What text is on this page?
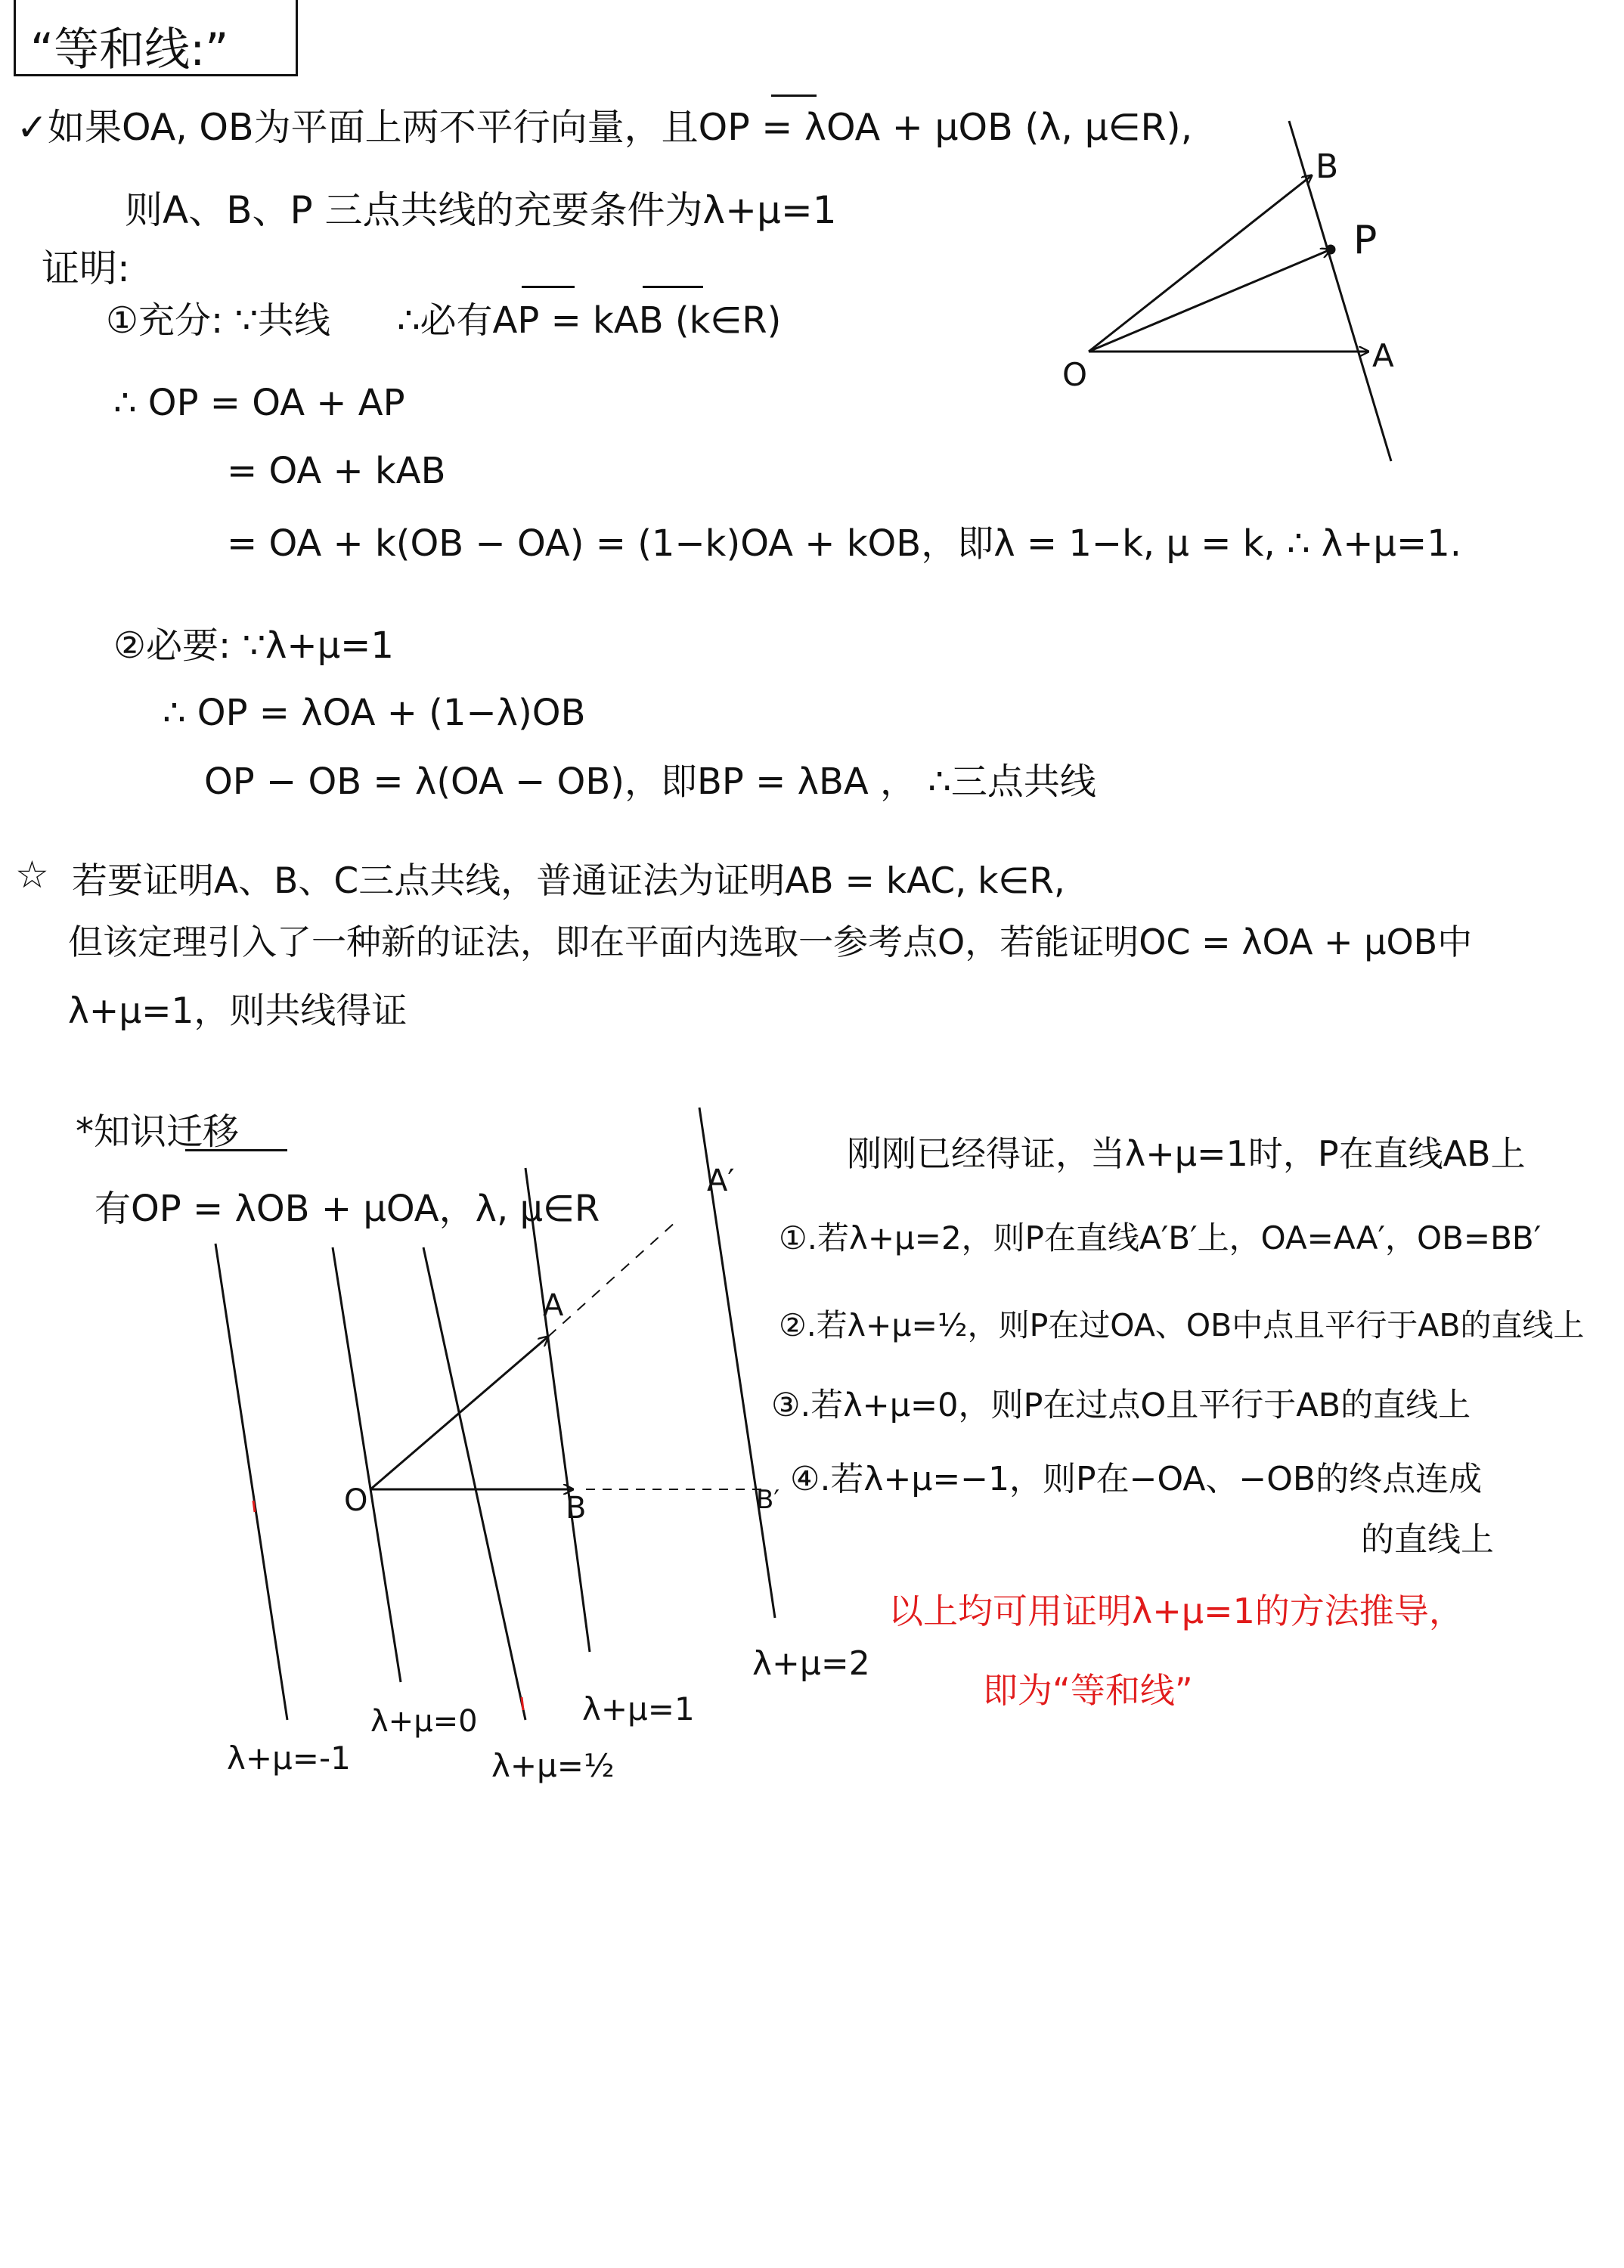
“等和线:”
✓如果OA, OB为平面上两不平行向量，且OP = λOA + μOB (λ, μ∈R),
则A、B、P 三点共线的充要条件为λ+μ=1
证明:
①充分: ∵共线 ∴必有AP = kAB (k∈R)
∴ OP = OA + AP
= OA + kAB
= OA + k(OB − OA) = (1−k)OA + kOB，即λ = 1−k, μ = k, ∴ λ+μ=1.
②必要: ∵λ+μ=1
∴ OP = λOA + (1−λ)OB
OP − OB = λ(OA − OB)，即BP = λBA ， ∴三点共线
☆ 若要证明A、B、C三点共线，普通证法为证明AB = kAC, k∈R,
但该定理引入了一种新的证法，即在平面内选取一参考点O，若能证明OC = λOA + μOB中
λ+μ=1，则共线得证
*知识迁移
有OP = λOB + μOA，λ, μ∈R
刚刚已经得证，当λ+μ=1时，P在直线AB上
①.若λ+μ=2，则P在直线A′B′上，OA=AA′，OB=BB′
②.若λ+μ=½，则P在过OA、OB中点且平行于AB的直线上
③.若λ+μ=0，则P在过点O且平行于AB的直线上
④.若λ+μ=−1，则P在−OA、−OB的终点连成
的直线上
以上均可用证明λ+μ=1的方法推导，
即为“等和线”
O
B
P
A
O
A
B
A′
B′
λ+μ=-1
λ+μ=0
λ+μ=½
λ+μ=1
λ+μ=2
